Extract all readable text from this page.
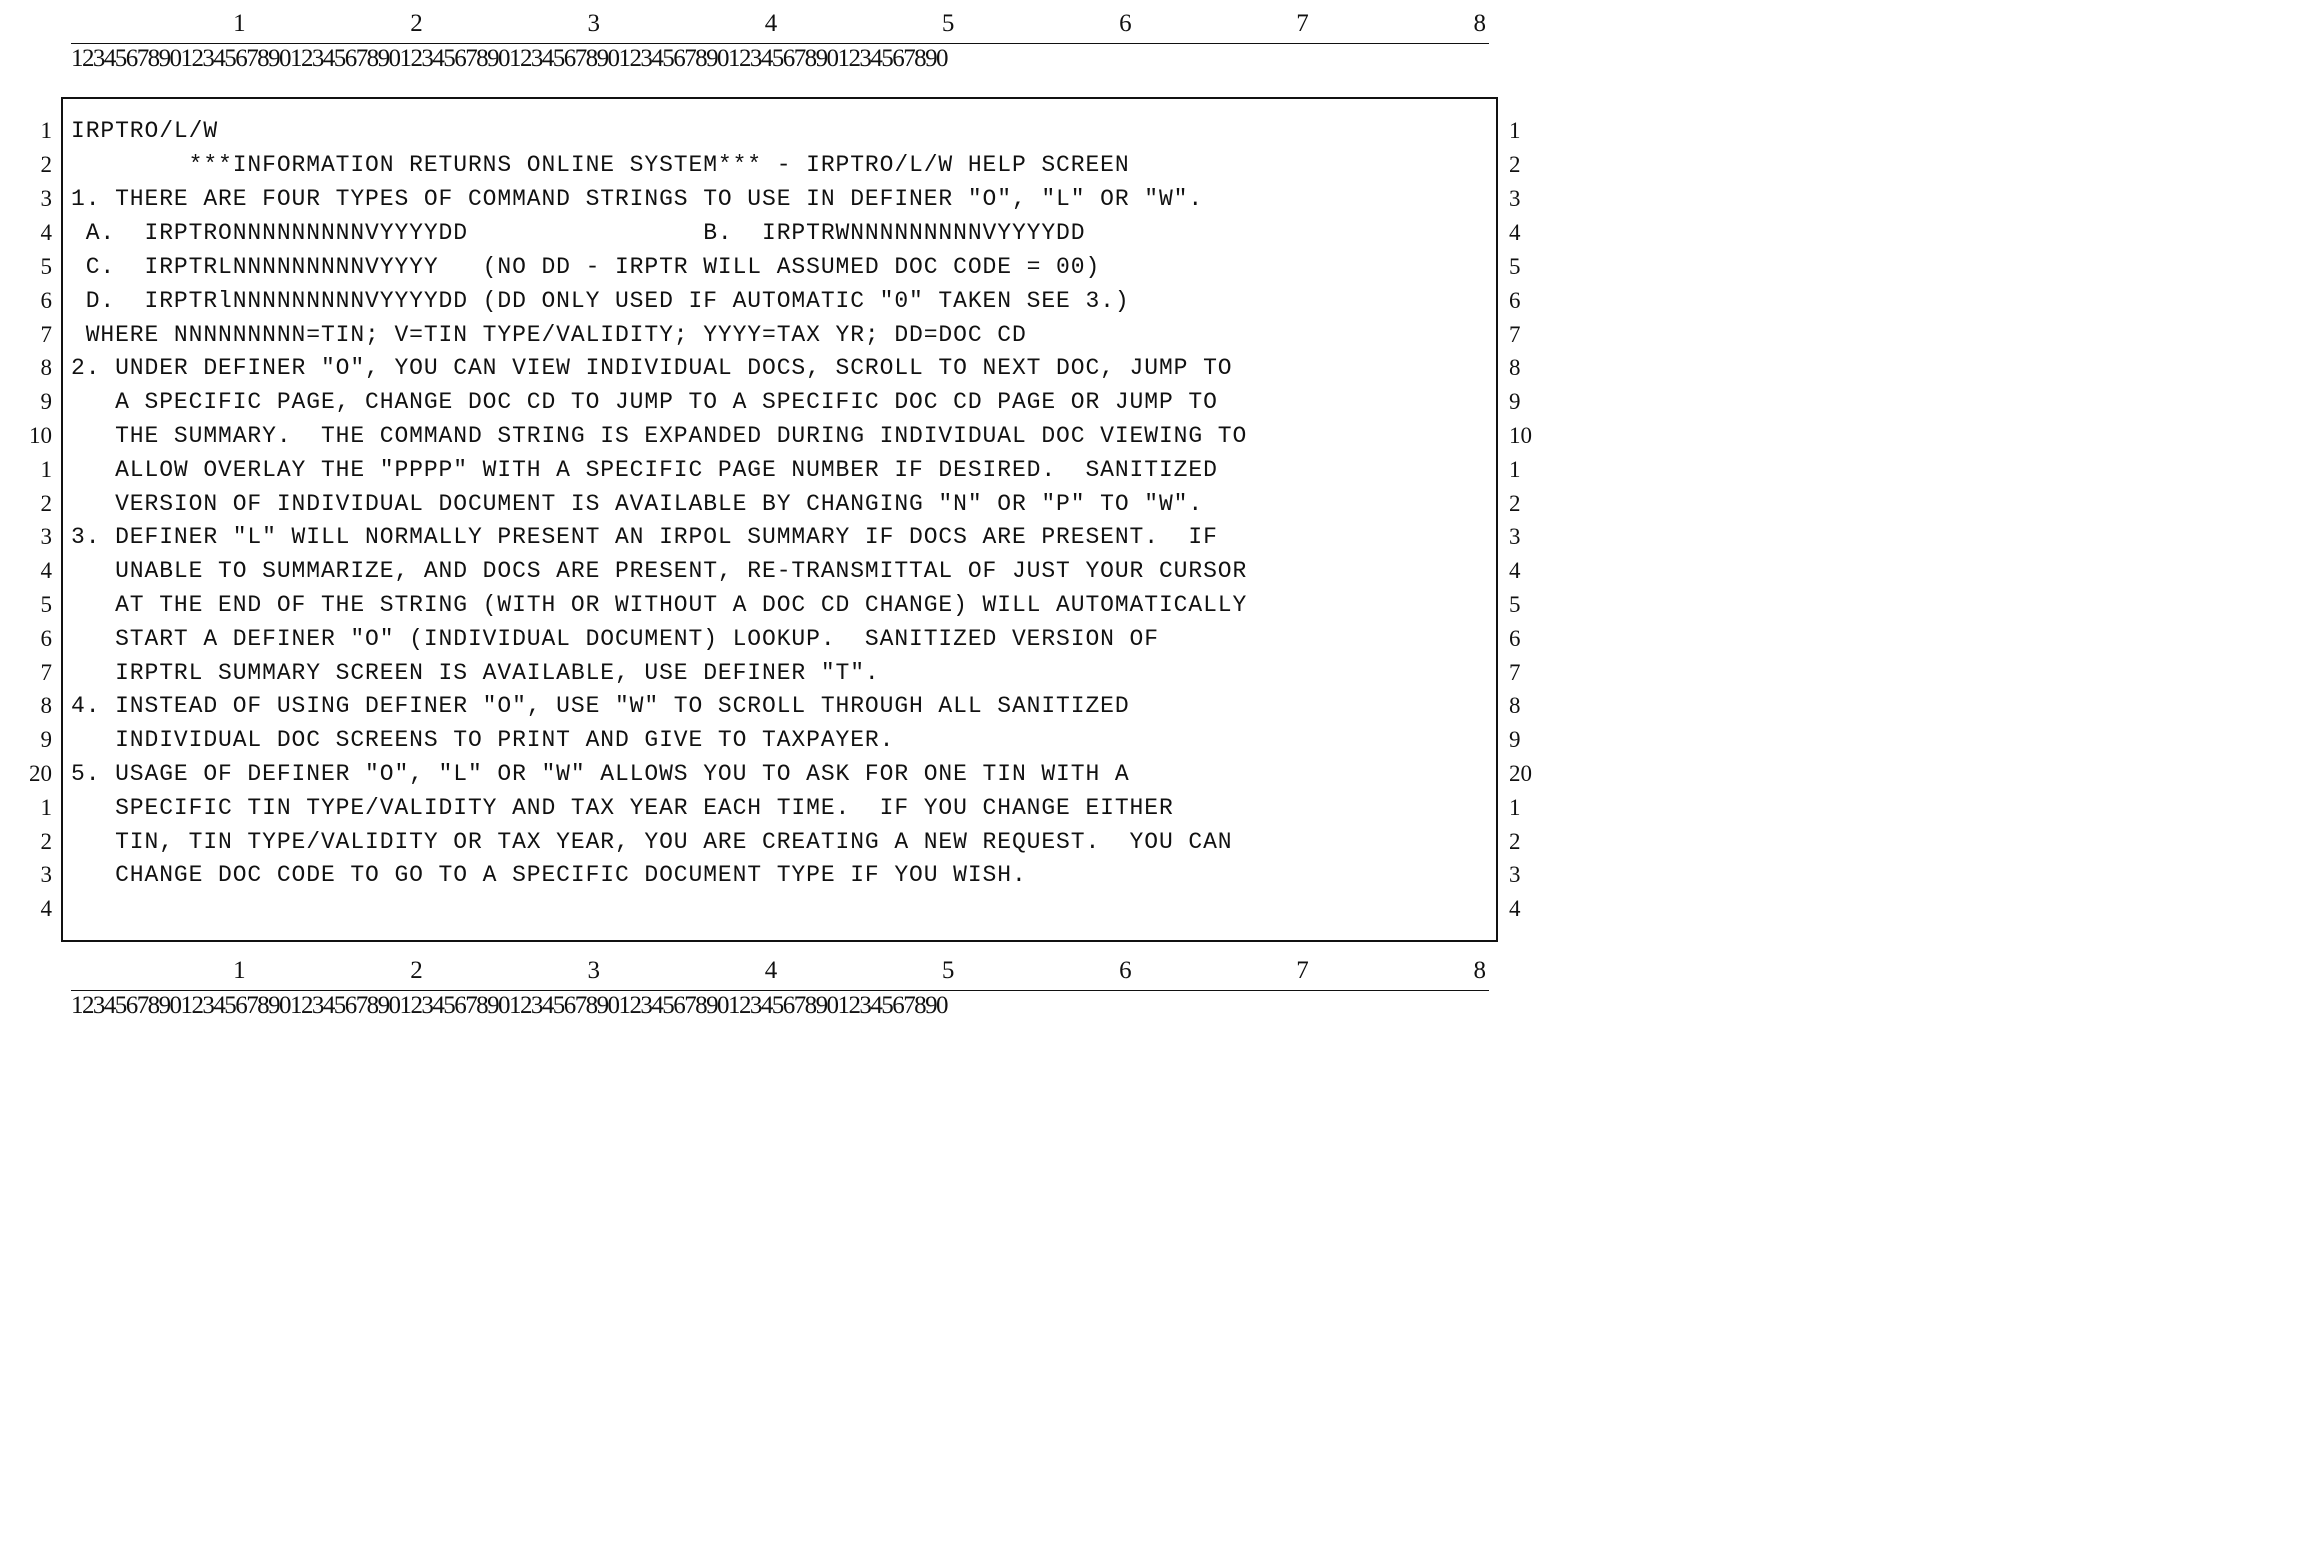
1	2	3	4	5	6	7	8
12345678901234567890123456789012345678901234567890123456789012345678901234567890
1
2
3
4
5
6
7
8
9
10
1
2
3
4
5
6
7
8
9
20
1
2
3
4
1
2
3
4
5
6
7
8
9
10
1
2
3
4
5
6
7
8
9
20
1
2
3
4
IRPTRO/L/W
***INFORMATION RETURNS ONLINE SYSTEM*** - IRPTRO/L/W HELP SCREEN
1. THERE ARE FOUR TYPES OF COMMAND STRINGS TO USE IN DEFINER "O", "L" OR "W".
A.  IRPTRONNNNNNNNNVYYYYDD                B.  IRPTRWNNNNNNNNNVYYYYDD
C.  IRPTRLNNNNNNNNNVYYYY   (NO DD - IRPTR WILL ASSUMED DOC CODE = 00)
D.  IRPTRlNNNNNNNNNVYYYYDD (DD ONLY USED IF AUTOMATIC "0" TAKEN SEE 3.)
WHERE NNNNNNNNN=TIN; V=TIN TYPE/VALIDITY; YYYY=TAX YR; DD=DOC CD
2. UNDER DEFINER "O", YOU CAN VIEW INDIVIDUAL DOCS, SCROLL TO NEXT DOC, JUMP TO
A SPECIFIC PAGE, CHANGE DOC CD TO JUMP TO A SPECIFIC DOC CD PAGE OR JUMP TO
THE SUMMARY.  THE COMMAND STRING IS EXPANDED DURING INDIVIDUAL DOC VIEWING TO
ALLOW OVERLAY THE "PPPP" WITH A SPECIFIC PAGE NUMBER IF DESIRED.  SANITIZED
VERSION OF INDIVIDUAL DOCUMENT IS AVAILABLE BY CHANGING "N" OR "P" TO "W".
3. DEFINER "L" WILL NORMALLY PRESENT AN IRPOL SUMMARY IF DOCS ARE PRESENT.  IF
UNABLE TO SUMMARIZE, AND DOCS ARE PRESENT, RE-TRANSMITTAL OF JUST YOUR CURSOR
AT THE END OF THE STRING (WITH OR WITHOUT A DOC CD CHANGE) WILL AUTOMATICALLY
START A DEFINER "O" (INDIVIDUAL DOCUMENT) LOOKUP.  SANITIZED VERSION OF
IRPTRL SUMMARY SCREEN IS AVAILABLE, USE DEFINER "T".
4. INSTEAD OF USING DEFINER "O", USE "W" TO SCROLL THROUGH ALL SANITIZED
INDIVIDUAL DOC SCREENS TO PRINT AND GIVE TO TAXPAYER.
5. USAGE OF DEFINER "O", "L" OR "W" ALLOWS YOU TO ASK FOR ONE TIN WITH A
SPECIFIC TIN TYPE/VALIDITY AND TAX YEAR EACH TIME.  IF YOU CHANGE EITHER
TIN, TIN TYPE/VALIDITY OR TAX YEAR, YOU ARE CREATING A NEW REQUEST.  YOU CAN
CHANGE DOC CODE TO GO TO A SPECIFIC DOCUMENT TYPE IF YOU WISH.
1	2	3	4	5	6	7	8
12345678901234567890123456789012345678901234567890123456789012345678901234567890
